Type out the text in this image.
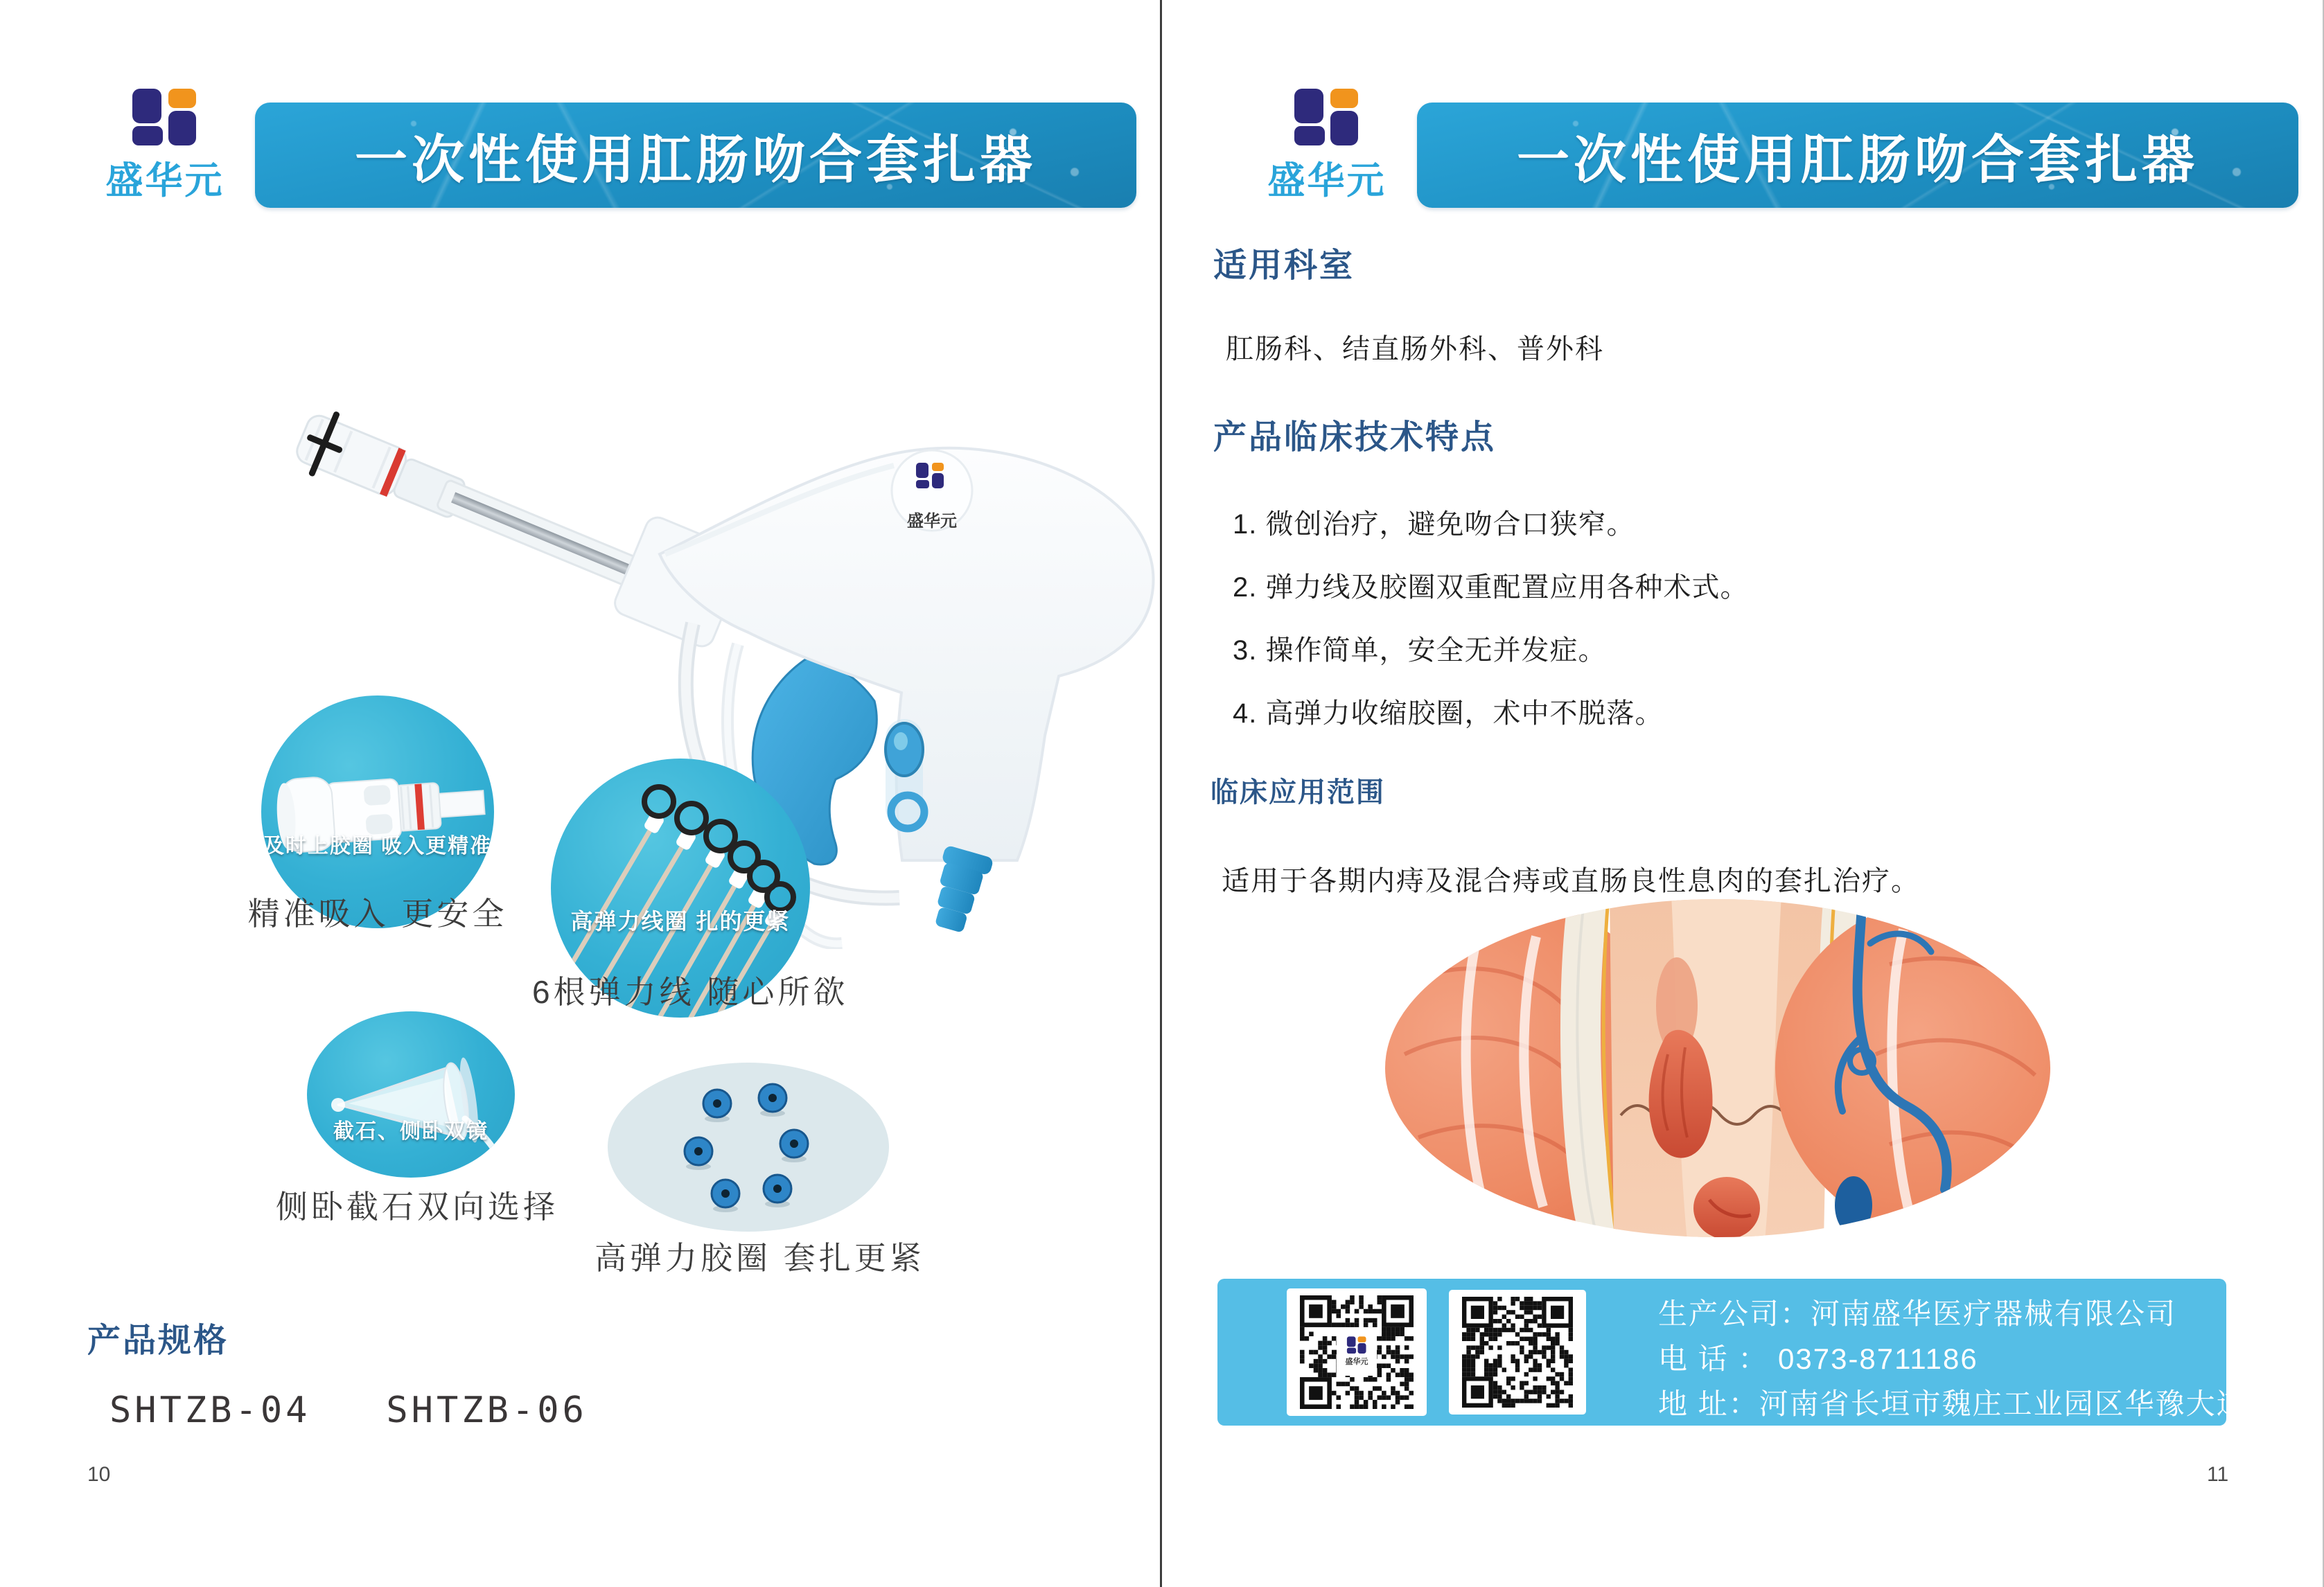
盛华元 一次性使用肛肠吻合套扎器
盛华元
及时上胶圈 吸入更精准
精准吸入 更安全	高弹力线圈 扎的更紧
6根弹力线 随心所欲
截石、侧卧双镜
侧卧截石双向选择
高弹力胶圈 套扎更紧
产品规格
SHTZB-04   SHTZB-06
10
盛华元 一次性使用肛肠吻合套扎器
适用科室
肛肠科、结直肠外科、普外科
产品临床技术特点
1. 微创治疗，避免吻合口狭窄。
2. 弹力线及胶圈双重配置应用各种术式。
3. 操作简单，安全无并发症。
4. 高弹力收缩胶圈，术中不脱落。
临床应用范围
适用于各期内痔及混合痔或直肠良性息肉的套扎治疗。
盛华元
生产公司：河南盛华医疗器械有限公司
电 话 ： 0373-8711186
地 址：河南省长垣市魏庄工业园区华豫大道西侧
11
